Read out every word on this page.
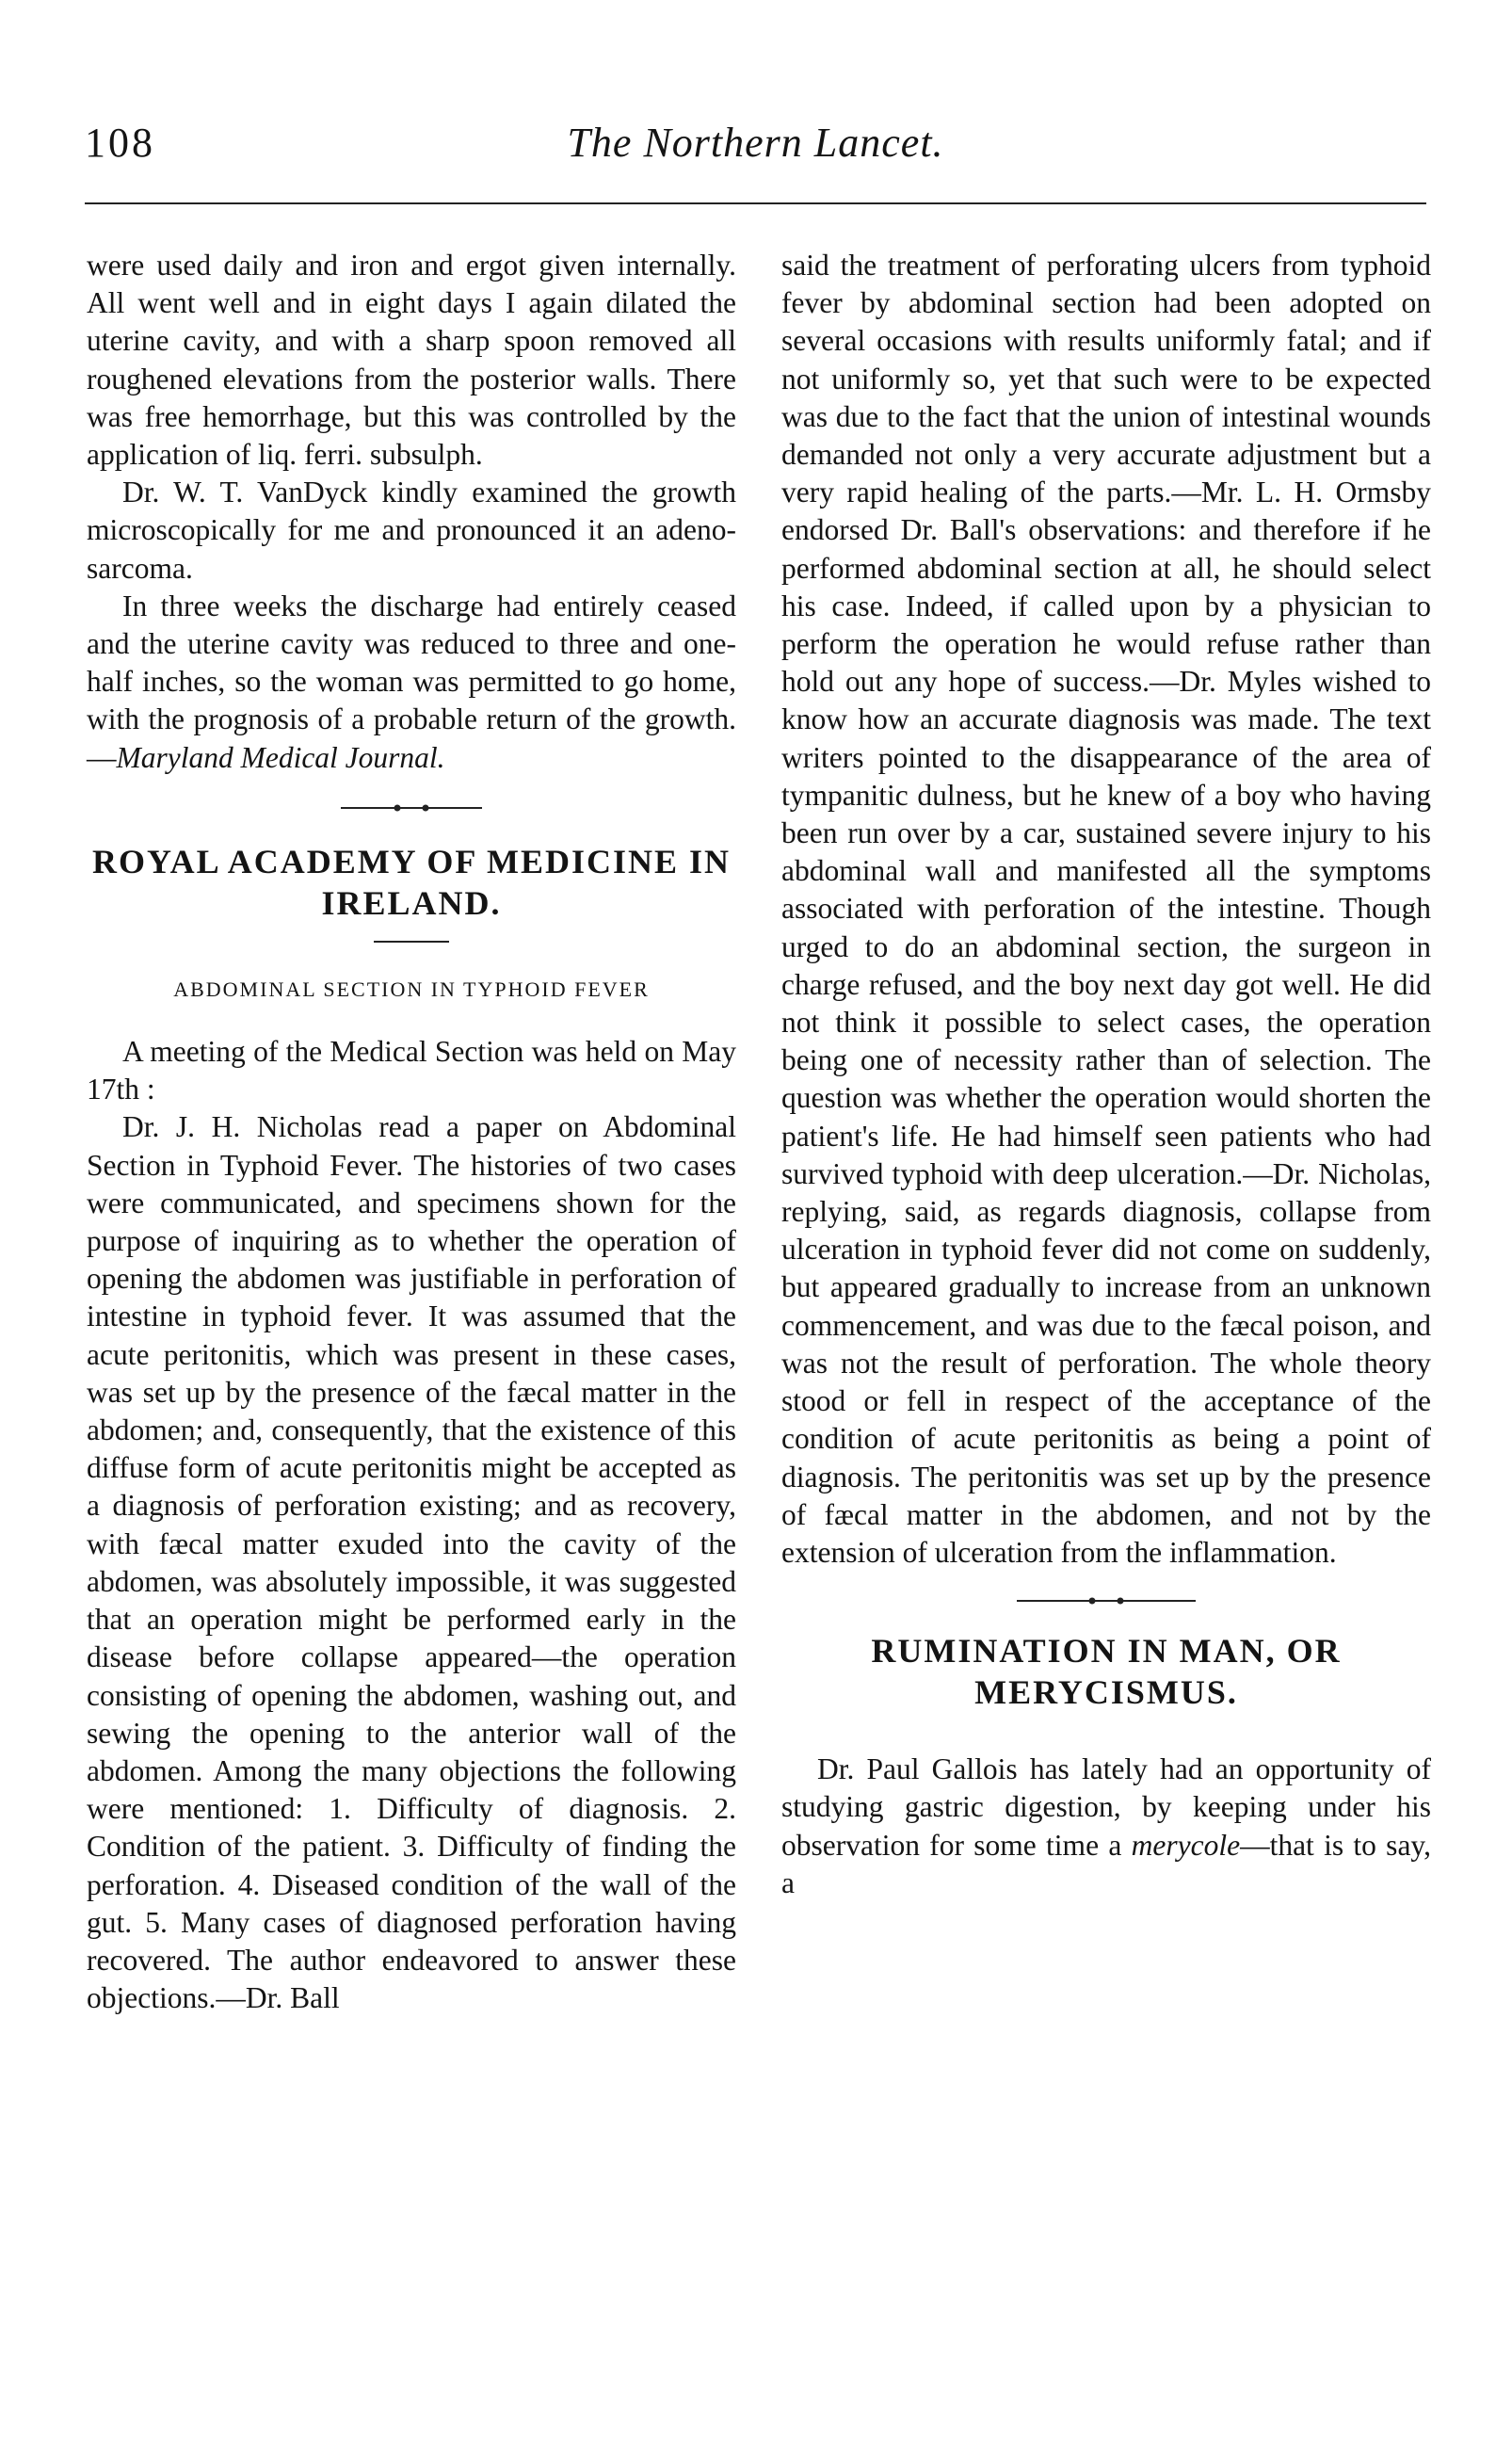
108	The Northern Lancet.

were used daily and iron and ergot given internally. All went well and in eight days I again dilated the uterine cavity, and with a sharp spoon removed all roughened elevations from the posterior walls. There was free hemorrhage, but this was controlled by the application of liq. ferri. subsulph.

Dr. W. T. VanDyck kindly examined the growth microscopically for me and pronounced it an adeno-sarcoma.

In three weeks the discharge had entirely ceased and the uterine cavity was reduced to three and one-half inches, so the woman was permitted to go home, with the prognosis of a probable return of the growth.—Maryland Medical Journal.

ROYAL ACADEMY OF MEDICINE IN IRELAND.
ABDOMINAL SECTION IN TYPHOID FEVER

A meeting of the Medical Section was held on May 17th :

Dr. J. H. Nicholas read a paper on Abdominal Section in Typhoid Fever. The histories of two cases were communicated, and specimens shown for the purpose of inquiring as to whether the operation of opening the abdomen was justifiable in perforation of intestine in typhoid fever. It was assumed that the acute peritonitis, which was present in these cases, was set up by the presence of the fæcal matter in the abdomen; and, consequently, that the existence of this diffuse form of acute peritonitis might be accepted as a diagnosis of perforation existing; and as recovery, with fæcal matter exuded into the cavity of the abdomen, was absolutely impossible, it was suggested that an operation might be performed early in the disease before collapse appeared—the operation consisting of opening the abdomen, washing out, and sewing the opening to the anterior wall of the abdomen. Among the many objections the following were mentioned: 1. Difficulty of diagnosis. 2. Condition of the patient. 3. Difficulty of finding the perforation. 4. Diseased condition of the wall of the gut. 5. Many cases of diagnosed perforation having recovered. The author endeavored to answer these objections.—Dr. Ball

said the treatment of perforating ulcers from typhoid fever by abdominal section had been adopted on several occasions with results uniformly fatal; and if not uniformly so, yet that such were to be expected was due to the fact that the union of intestinal wounds demanded not only a very accurate adjustment but a very rapid healing of the parts.—Mr. L. H. Ormsby endorsed Dr. Ball's observations: and therefore if he performed abdominal section at all, he should select his case. Indeed, if called upon by a physician to perform the operation he would refuse rather than hold out any hope of success.—Dr. Myles wished to know how an accurate diagnosis was made. The text writers pointed to the disappearance of the area of tympanitic dulness, but he knew of a boy who having been run over by a car, sustained severe injury to his abdominal wall and manifested all the symptoms associated with perforation of the intestine. Though urged to do an abdominal section, the surgeon in charge refused, and the boy next day got well. He did not think it possible to select cases, the operation being one of necessity rather than of selection. The question was whether the operation would shorten the patient's life. He had himself seen patients who had survived typhoid with deep ulceration.—Dr. Nicholas, replying, said, as regards diagnosis, collapse from ulceration in typhoid fever did not come on suddenly, but appeared gradually to increase from an unknown commencement, and was due to the fæcal poison, and was not the result of perforation. The whole theory stood or fell in respect of the acceptance of the condition of acute peritonitis as being a point of diagnosis. The peritonitis was set up by the presence of fæcal matter in the abdomen, and not by the extension of ulceration from the inflammation.

RUMINATION IN MAN, OR MERYCISMUS.

Dr. Paul Gallois has lately had an opportunity of studying gastric digestion, by keeping under his observation for some time a merycole—that is to say, a
